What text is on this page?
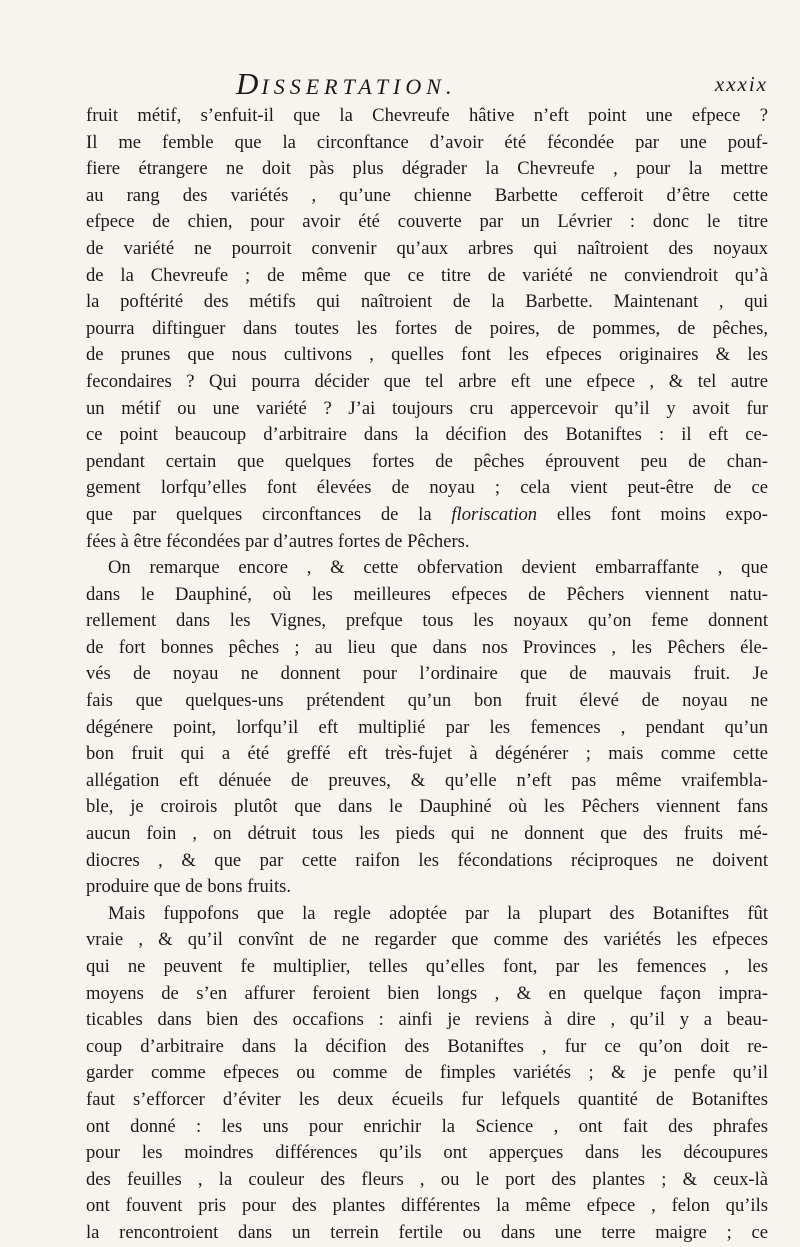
DISSERTATION.	xxxix
fruit métif, s’enfuit-il que la Chevreufe hâtive n’eft point une efpece ?
Il me femble que la circonftance d’avoir été fécondée par une pouf-
fiere étrangere ne doit pàs plus dégrader la Chevreufe , pour la mettre
au rang des variétés , qu’une chienne Barbette cefferoit d’être cette
efpece de chien, pour avoir été couverte par un Lévrier : donc le titre
de variété ne pourroit convenir qu’aux arbres qui naîtroient des noyaux
de la Chevreufe ; de même que ce titre de variété ne conviendroit qu’à
la poftérité des métifs qui naîtroient de la Barbette. Maintenant , qui
pourra diftinguer dans toutes les fortes de poires, de pommes, de pêches,
de prunes que nous cultivons , quelles font les efpeces originaires & les
fecondaires ? Qui pourra décider que tel arbre eft une efpece , & tel autre
un métif ou une variété ? J’ai toujours cru appercevoir qu’il y avoit fur
ce point beaucoup d’arbitraire dans la décifion des Botaniftes : il eft ce-
pendant certain que quelques fortes de pêches éprouvent peu de chan-
gement lorfqu’elles font élevées de noyau ; cela vient peut-être de ce
que par quelques circonftances de la floriscation elles font moins expo-
fées à être fécondées par d’autres fortes de Pêchers.
On remarque encore , & cette obfervation devient embarraffante , que
dans le Dauphiné, où les meilleures efpeces de Pêchers viennent natu-
rellement dans les Vignes, prefque tous les noyaux qu’on feme donnent
de fort bonnes pêches ; au lieu que dans nos Provinces , les Pêchers éle-
vés de noyau ne donnent pour l’ordinaire que de mauvais fruit. Je
fais que quelques-uns prétendent qu’un bon fruit élevé de noyau ne
dégénere point, lorfqu’il eft multiplié par les femences , pendant qu’un
bon fruit qui a été greffé eft très-fujet à dégénérer ; mais comme cette
allégation eft dénuée de preuves, & qu’elle n’eft pas même vraifembla-
ble, je croirois plutôt que dans le Dauphiné où les Pêchers viennent fans
aucun foin , on détruit tous les pieds qui ne donnent que des fruits mé-
diocres , & que par cette raifon les fécondations réciproques ne doivent
produire que de bons fruits.
Mais fuppofons que la regle adoptée par la plupart des Botaniftes fût
vraie , & qu’il convînt de ne regarder que comme des variétés les efpeces
qui ne peuvent fe multiplier, telles qu’elles font, par les femences , les
moyens de s’en affurer feroient bien longs , & en quelque façon impra-
ticables dans bien des occafions : ainfi je reviens à dire , qu’il y a beau-
coup d’arbitraire dans la décifion des Botaniftes , fur ce qu’on doit re-
garder comme efpeces ou comme de fimples variétés ; & je penfe qu’il
faut s’efforcer d’éviter les deux écueils fur lefquels quantité de Botaniftes
ont donné : les uns pour enrichir la Science , ont fait des phrafes
pour les moindres différences qu’ils ont apperçues dans les découpures
des feuilles , la couleur des fleurs , ou le port des plantes ; & ceux-là
ont fouvent pris pour des plantes différentes la même efpece , felon qu’ils
la rencontroient dans un terrein fertile ou dans une terre maigre ; ce
